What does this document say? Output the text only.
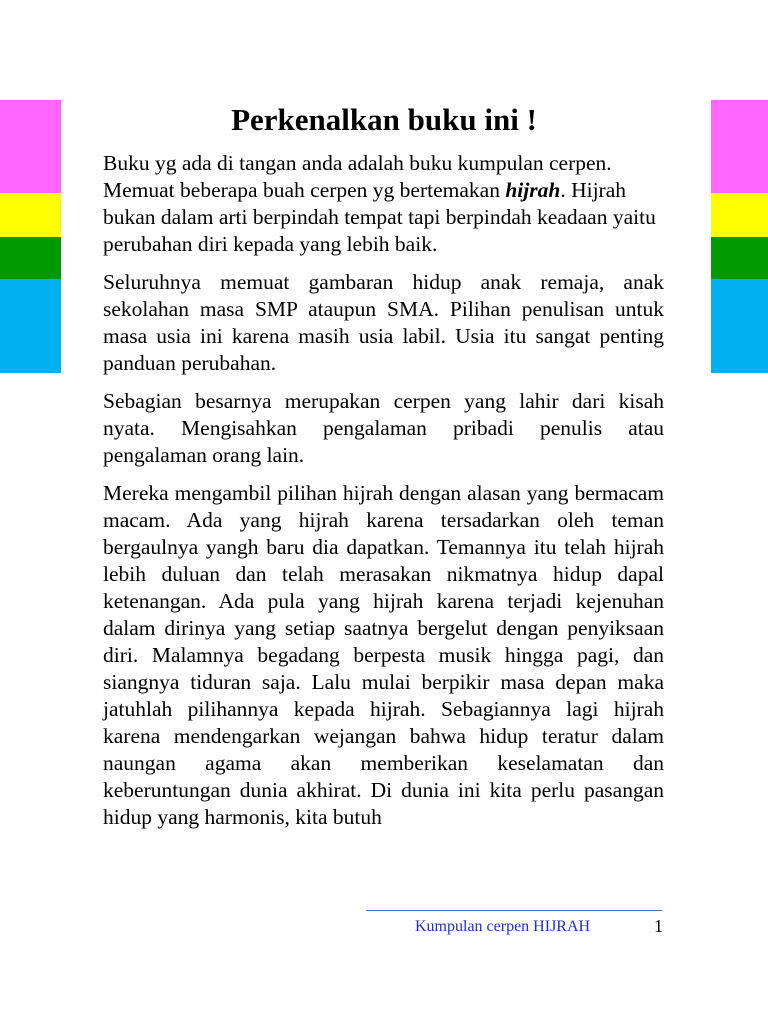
Perkenalkan buku ini !

Buku yg ada di tangan anda adalah buku kumpulan cerpen. Memuat beberapa buah cerpen yg bertemakan hijrah. Hijrah bukan dalam arti berpindah tempat tapi berpindah keadaan yaitu perubahan diri kepada yang lebih baik.

Seluruhnya memuat gambaran hidup anak remaja, anak sekolahan masa SMP ataupun SMA. Pilihan penulisan untuk masa usia ini karena masih usia labil. Usia itu sangat penting panduan perubahan.

Sebagian besarnya merupakan cerpen yang lahir dari kisah nyata. Mengisahkan pengalaman pribadi penulis atau pengalaman orang lain.

Mereka mengambil pilihan hijrah dengan alasan yang bermacam macam. Ada yang hijrah karena tersadarkan oleh teman bergaulnya yangh baru dia dapatkan. Temannya itu telah hijrah lebih duluan dan telah merasakan nikmatnya hidup dapal ketenangan. Ada pula yang hijrah karena terjadi kejenuhan dalam dirinya yang setiap saatnya bergelut dengan penyiksaan diri. Malamnya begadang berpesta musik hingga pagi, dan siangnya tiduran saja. Lalu mulai berpikir masa depan maka jatuhlah pilihannya kepada hijrah. Sebagiannya lagi hijrah karena mendengarkan wejangan bahwa hidup teratur dalam naungan agama akan memberikan keselamatan dan keberuntungan dunia akhirat. Di dunia ini kita perlu pasangan hidup yang harmonis, kita butuh

Kumpulan cerpen HIJRAH	1
